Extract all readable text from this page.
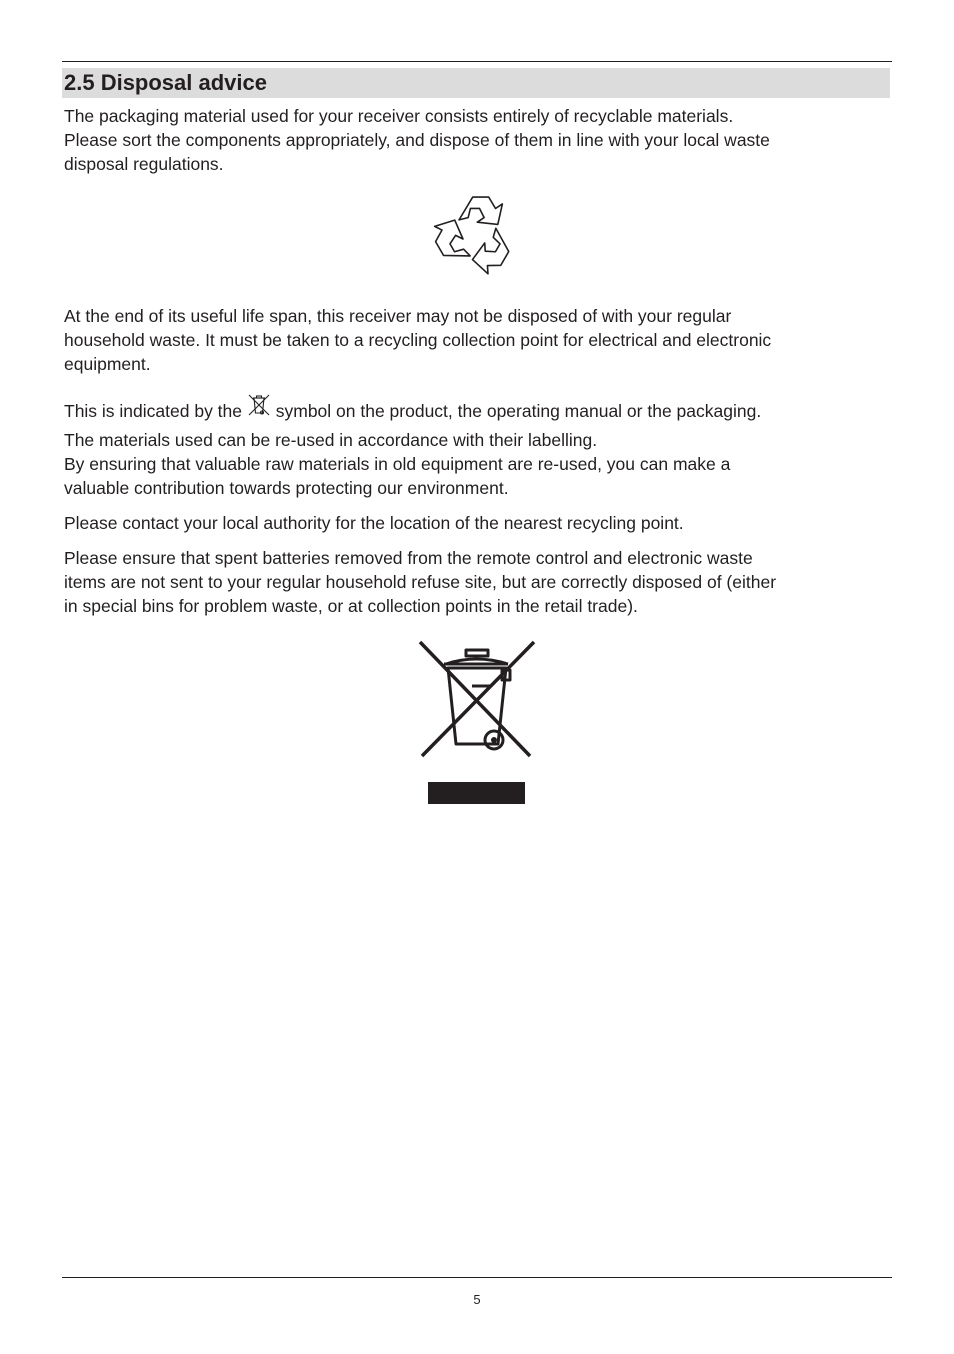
2.5 Disposal advice

The packaging material used for your receiver consists entirely of recyclable materials.
Please sort the components appropriately, and dispose of them in line with your local waste
disposal regulations.

At the end of its useful life span, this receiver may not be disposed of with your regular
household waste. It must be taken to a recycling collection point for electrical and electronic
equipment.

This is indicated by the  symbol on the product, the operating manual or the packaging.

The materials used can be re-used in accordance with their labelling.
By ensuring that valuable raw materials in old equipment are re-used, you can make a
valuable contribution towards protecting our environment.

Please contact your local authority for the location of the nearest recycling point.

Please ensure that spent batteries removed from the remote control and electronic waste
items are not sent to your regular household refuse site, but are correctly disposed of (either
in special bins for problem waste, or at collection points in the retail trade).

5
